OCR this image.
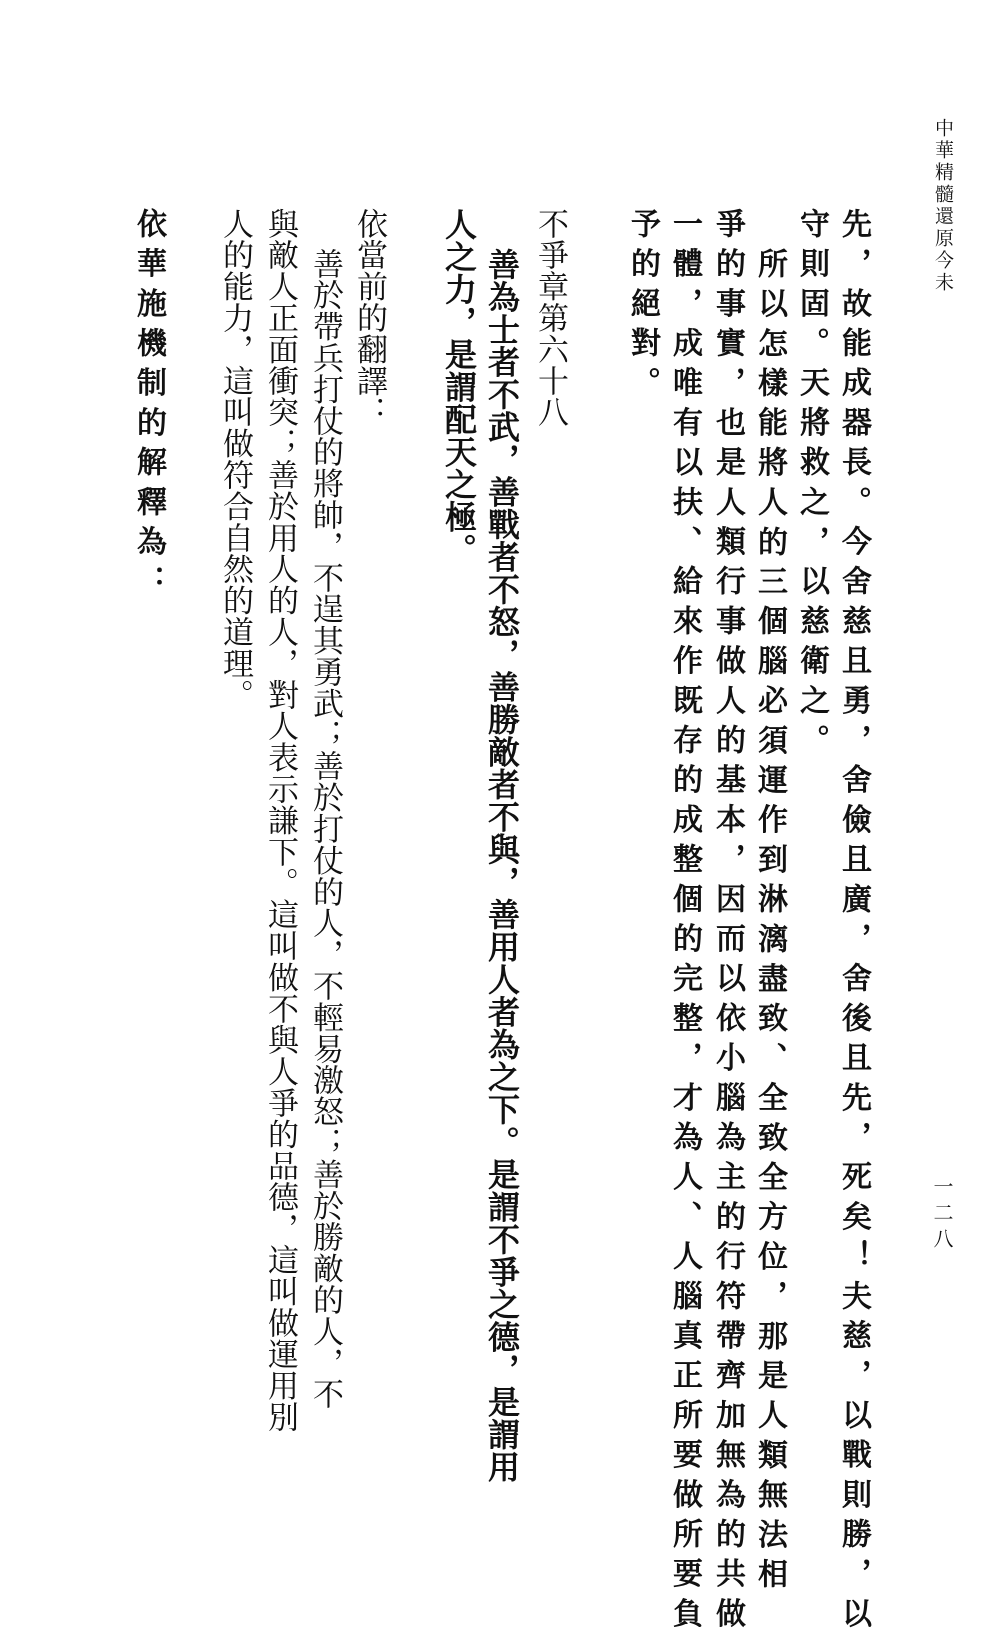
中華精髓還原今未
一二八
先，故能成器長。今舍慈且勇，舍儉且廣，舍後且先，死矣！夫慈，以戰則勝，以
守則固。天將救之，以慈衛之。
所以怎樣能將人的三個腦必須運作到淋漓盡致、全致全方位，那是人類無法相
爭的事實，也是人類行事做人的基本，因而以依小腦為主的行符帶齊加無為的共做
一體，成唯有以扶、給來作既存的成整個的完整，才為人、人腦真正所要做所要負
予的絕對。
不爭章第六十八
善為士者不武，善戰者不怒，善勝敵者不與，善用人者為之下。是謂不爭之德，是謂用
人之力，是謂配天之極。
依當前的翻譯：
善於帶兵打仗的將帥，不逞其勇武；善於打仗的人，不輕易激怒；善於勝敵的人，不
與敵人正面衝突；善於用人的人，對人表示謙下。這叫做不與人爭的品德，這叫做運用別
人的能力，這叫做符合自然的道理。
依華施機制的解釋為：
